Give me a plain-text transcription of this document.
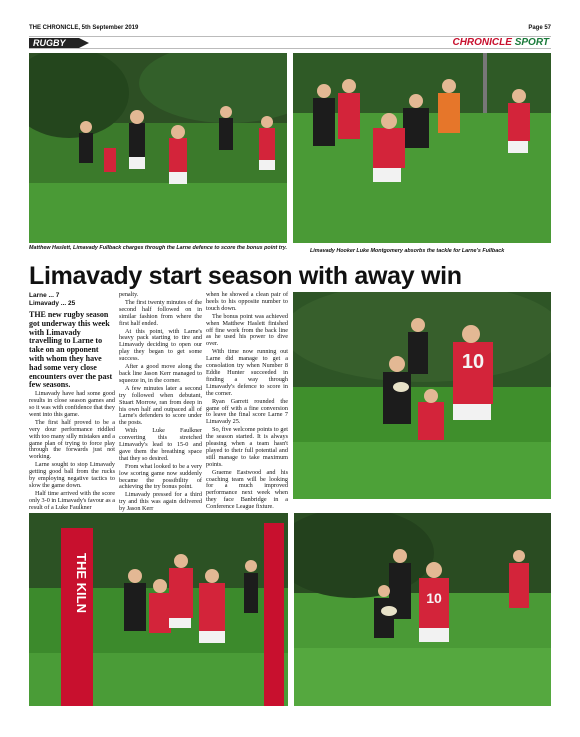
THE CHRONICLE, 5th September 2019	Page 57
RUGBY	CHRONICLE SPORT
Matthew Haslett, Limavady Fullback charges through the Larne defence to score the bonus point try.	Limavady Hooker Luke Montgomery absorbs the tackle for Larne's Fullback
Limavady start season with away win

Larne ... 7

Limavady ... 25

THE new rugby season got underway this week with Limavady travelling to Larne to take on an opponent with whom they have had some very close encounters over the past few seasons.

Limavady have had some good results in close season games and so it was with confidence that they went into this game.

The first half proved to be a very dour performance riddled with too many silly mistakes and a game plan of trying to force play through the forwards just not working.

Larne sought to stop Limavady getting good ball from the rucks by employing negative tactics to slow the game down.

Half time arrived with the score only 3-0 in Limavady's favour as a result of a Luke Faulkner

penalty.

The first twenty minutes of the second half followed on in similar fashion from where the first half ended.

At this point, with Larne's heavy pack starting to tire and Limavady deciding to open our play they began to get some success.

After a good move along the back line Jason Kerr managed to squeeze in, in the corner.

A few minutes later a second try followed when debutant, Stuart Morrow, ran from deep in his own half and outpaced all of Larne's defenders to score under the posts.

With Luke Faulkner converting this stretched Limavady's lead to 15-0 and gave them the breathing space that they so desired.

From what looked to be a very low scoring game now suddenly became the possibility of achieving the try bonus point.

Limavady pressed for a third try and this was again delivered by Jason Kerr

when he showed a clean pair of heels to his opposite number to touch down.

The bonus point was achieved when Matthew Haslett finished off fine work from the back line as he used his power to dive over.

With time now running out Larne did manage to get a consolation try when Number 8 Eddie Hunter succeeded in finding a way through Limavady's defence to score in the corner.

Ryan Garrett rounded the game off with a fine conversion to leave the final score Larne 7 Limavady 25.

So, five welcome points to get the season started. It is always pleasing when a team hasn't played to their full potential and still manage to take maximum points.

Graeme Eastwood and his coaching team will be looking for a much improved performance next week when they face Banbridge in a Conference League fixture.

10
THE KILN	10
